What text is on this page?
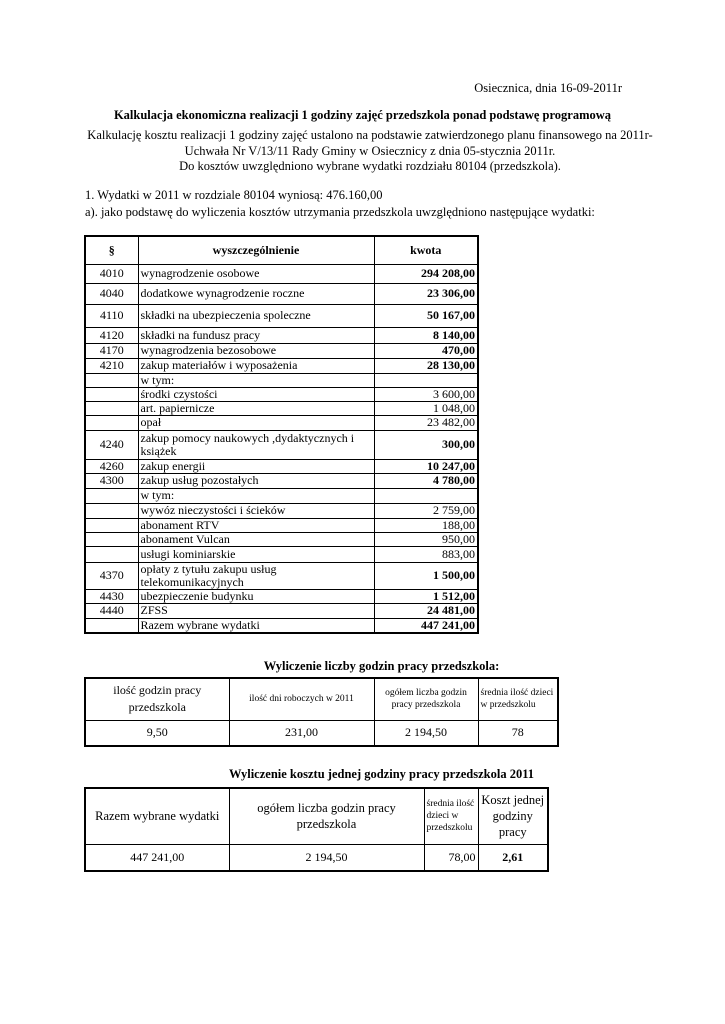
Osiecznica, dnia 16-09-2011r
Kalkulacja ekonomiczna realizacji 1 godziny zajęć przedszkola ponad podstawę programową
Kalkulację kosztu realizacji 1 godziny zajęć ustalono na podstawie zatwierdzonego planu finansowego na 2011r-
Uchwała Nr V/13/11 Rady Gminy w Osiecznicy z dnia 05-stycznia 2011r.
Do kosztów uwzględniono wybrane wydatki rozdziału 80104 (przedszkola).
1. Wydatki w 2011 w rozdziale 80104 wyniosą: 476.160,00
a). jako podstawę do wyliczenia kosztów utrzymania przedszkola uwzględniono następujące wydatki:
§	wyszczególnienie	kwota
4010	wynagrodzenie osobowe	294 208,00
4040	dodatkowe wynagrodzenie roczne	23 306,00
4110	składki na ubezpieczenia spoleczne	50 167,00
4120	składki na fundusz pracy	8 140,00
4170	wynagrodzenia bezosobowe	470,00
4210	zakup materiałów i wyposażenia	28 130,00
	w tym:	
	środki czystości	3 600,00
	art. papiernicze	1 048,00
	opał	23 482,00
4240	zakup pomocy naukowych ,dydaktycznych i książek	300,00
4260	zakup energii	10 247,00
4300	zakup usług pozostałych	4 780,00
	w tym:	
	wywóz nieczystości i ścieków	2 759,00
	abonament RTV	188,00
	abonament Vulcan	950,00
	usługi kominiarskie	883,00
4370	opłaty z tytułu zakupu usług telekomunikacyjnych	1 500,00
4430	ubezpieczenie budynku	1 512,00
4440	ZFSS	24 481,00
	Razem wybrane wydatki	447 241,00
Wyliczenie liczby godzin pracy przedszkola:
ilość godzin pracy przedszkola	ilość dni roboczych w 2011	ogółem liczba godzin pracy przedszkola	średnia ilość dzieci w przedszkolu
9,50	231,00	2 194,50	78
Wyliczenie kosztu jednej godziny pracy przedszkola 2011
Razem wybrane wydatki	ogółem liczba godzin pracy przedszkola	średnia ilość dzieci w przedszkolu	Koszt jednej godziny pracy
447 241,00	2 194,50	78,00	2,61
